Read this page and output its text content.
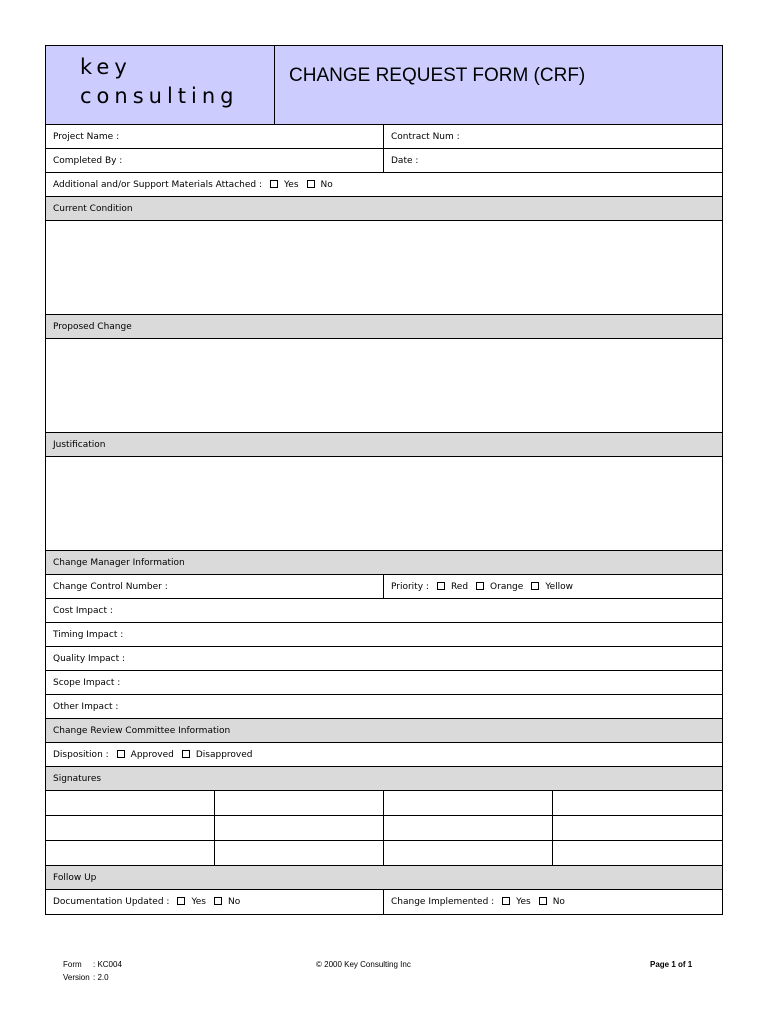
key
consulting
CHANGE REQUEST FORM (CRF)
Project Name :	Contract Num :
Completed By :	Date :
Additional and/or Support Materials Attached : Yes No
Current Condition
Proposed Change
Justification
Change Manager Information
Change Control Number :	Priority : Red Orange Yellow
Cost Impact :
Timing Impact :
Quality Impact :
Scope Impact :
Other Impact :
Change Review Committee Information
Disposition : Approved Disapproved
Signatures
Follow Up
Documentation Updated : Yes No	Change Implemented : Yes No
Form : KC004
Version : 2.0
© 2000 Key Consulting Inc	Page 1 of 1
